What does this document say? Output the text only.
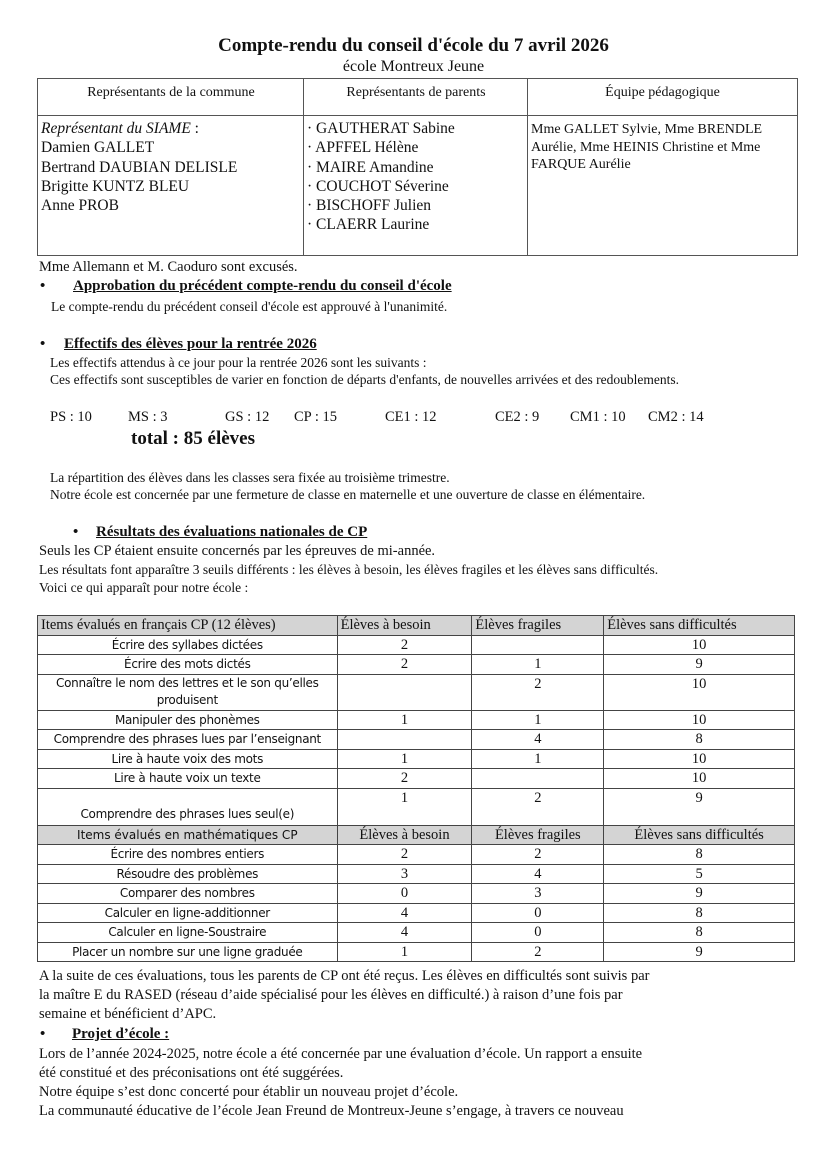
Compte-rendu du conseil d'école du 7 avril 2026
école Montreux Jeune
Représentants de la commune	Représentants de parents	Équipe pédagogique
Représentant du SIAME :
Damien GALLET
Bertrand DAUBIAN DELISLE
Brigitte KUNTZ BLEU
Anne PROB
· GAUTHERAT Sabine
· APFFEL Hélène
· MAIRE Amandine
· COUCHOT Séverine
· BISCHOFF Julien
· CLAERR Laurine
Mme GALLET Sylvie, Mme BRENDLE
Aurélie, Mme HEINIS Christine et Mme
FARQUE Aurélie
Mme Allemann et M. Caoduro sont excusés.
• Approbation du précédent compte-rendu du conseil d'école
Le compte-rendu du précédent conseil d'école est approuvé à l'unanimité.
• Effectifs des élèves pour la rentrée 2026
Les effectifs attendus à ce jour pour la rentrée 2026 sont les suivants :
Ces effectifs sont susceptibles de varier en fonction de départs d'enfants, de nouvelles arrivées et des redoublements.
PS : 10 MS : 3	GS : 12 CP : 15	CE1 : 12	CE2 : 9 CM1 : 10 CM2 : 14
total : 85 élèves
La répartition des élèves dans les classes sera fixée au troisième trimestre.
Notre école est concernée par une fermeture de classe en maternelle et une ouverture de classe en élémentaire.
• Résultats des évaluations nationales de CP
Seuls les CP étaient ensuite concernés par les épreuves de mi-année.
Les résultats font apparaître 3 seuils différents : les élèves à besoin, les élèves fragiles et les élèves sans difficultés.
Voici ce qui apparaît pour notre école :
Items évalués en français CP (12 élèves)	Élèves à besoin	Élèves fragiles	Élèves sans difficultés
Écrire des syllabes dictées	2		10
Écrire des mots dictés	2	1	9
Connaître le nom des lettres et le son qu’elles produisent		2	10
Manipuler des phonèmes	1	1	10
Comprendre des phrases lues par l’enseignant		4	8
Lire à haute voix des mots	1	1	10
Lire à haute voix un texte	2		10
Comprendre des phrases lues seul(e)	1	2	9
Items évalués en mathématiques CP	Élèves à besoin	Élèves fragiles	Élèves sans difficultés
Écrire des nombres entiers	2	2	8
Résoudre des problèmes	3	4	5
Comparer des nombres	0	3	9
Calculer en ligne-additionner	4	0	8
Calculer en ligne-Soustraire	4	0	8
Placer un nombre sur une ligne graduée	1	2	9
A la suite de ces évaluations, tous les parents de CP ont été reçus. Les élèves en difficultés sont suivis par
la maître E du RASED (réseau d’aide spécialisé pour les élèves en difficulté.) à raison d’une fois par
semaine et bénéficient d’APC.
• Projet d’école :
Lors de l’année 2024-2025, notre école a été concernée par une évaluation d’école. Un rapport a ensuite
été constitué et des préconisations ont été suggérées.
Notre équipe s’est donc concerté pour établir un nouveau projet d’école.
La communauté éducative de l’école Jean Freund de Montreux-Jeune s’engage, à travers ce nouveau
